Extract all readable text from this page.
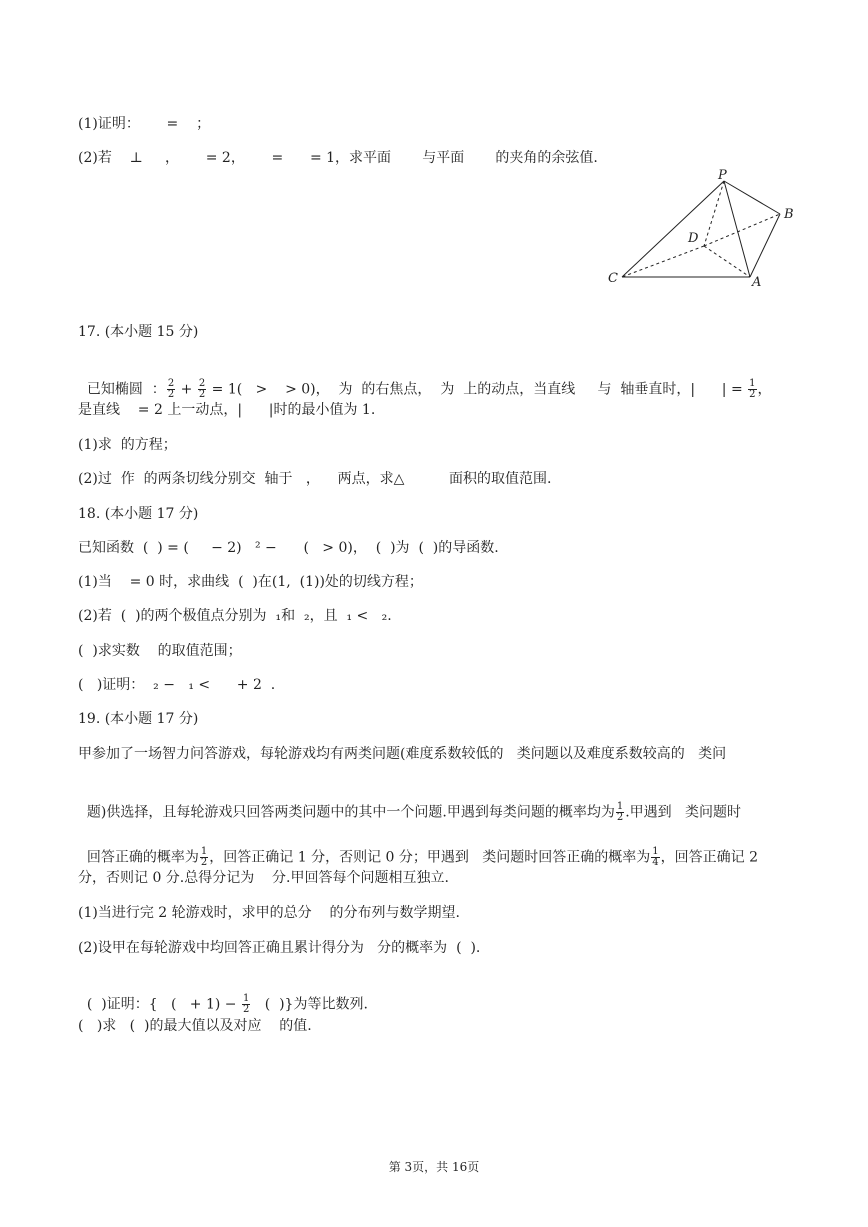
(1)证明：      =    ；
(2)若    ⊥     ，      = 2，      =      = 1，求平面       与平面       的夹角的余弦值.
P
B
D
C	A
17. (本小题 15 分)

已知椭圆  ： $\frac{2}{2} + \frac{2}{2} = 1$(   >    > 0)，  为  的右焦点，  为  上的动点，当直线     与  轴垂直时，|      | = $\frac{1}{2}$ ，

是直线    = 2 上一动点，|      |时的最小值为 1.
(1)求  的方程；
(2)过  作  的两条切线分别交  轴于   ，    两点，求△          面积的取值范围.
18. (本小题 17 分)
已知函数  (  ) = (     − 2)   ² −      (   > 0)，  (  )为  (  )的导函数.
(1)当    = 0 时，求曲线  (  )在(1,  (1))处的切线方程；
(2)若  (  )的两个极值点分别为  ₁和  ₂，且  ₁ <   ₂.
(  )求实数    的取值范围；
(   )证明：  ₂ −   ₁ <      + 2  .
19. (本小题 17 分)
甲参加了一场智力问答游戏，每轮游戏均有两类问题(难度系数较低的   类问题以及难度系数较高的   类问

题)供选择，且每轮游戏只回答两类问题中的其中一个问题.甲遇到每类问题的概率均为 $\frac{1}{2}$ .甲遇到   类问题时

回答正确的概率为 $\frac{1}{2}$ ，回答正确记 1 分，否则记 0 分；甲遇到   类问题时回答正确的概率为 $\frac{1}{4}$ ，回答正确记 2

分，否则记 0 分.总得分记为    分.甲回答每个问题相互独立.
(1)当进行完 2 轮游戏时，求甲的总分    的分布列与数学期望.
(2)设甲在每轮游戏中均回答正确且累计得分为   分的概率为  (  ).

(  )证明：{   (   + $1) - \frac{1}{2}$ (  )}为等比数列.

(   )求   (  )的最大值以及对应    的值.
第 3页，共 16页
